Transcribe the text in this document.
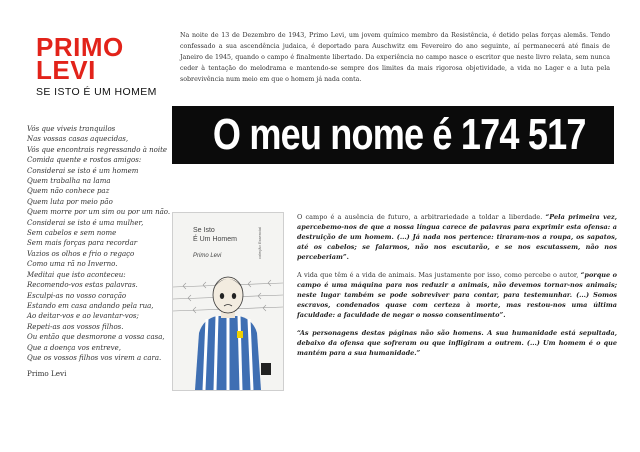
PRIMO
LEVI
SE ISTO É UM HOMEM
Na noite de 13 de Dezembro de 1943, Primo Levi, um jovem químico membro da Resistência, é detido pelas forças alemãs. Tendo confessado a sua ascendência judaica, é deportado para Auschwitz em Fevereiro do ano seguinte, aí permanecerá até finais de Janeiro de 1945, quando o campo é finalmente libertado. Da experiência no campo nasce o escritor que neste livro relata, sem nunca ceder à tentação do melodrama e mantendo-se sempre dos limites da mais rigorosa objetividade, a vida no Lager e a luta pela sobrevivência num meio em que o homem já nada conta.
O meu nome é 174 517
Vós que viveis tranquilos
Nas vossas casas aquecidas,
Vós que encontrais regressando à noite
Comida quente e rostos amigos:
Considerai se isto é um homem
Quem trabalha na lama
Quem não conhece paz
Quem luta por meio pão
Quem morre por um sim ou por um não.
Considerai se isto é uma mulher,
Sem cabelos e sem nome
Sem mais forças para recordar
Vazios os olhos e frio o regaço
Como uma rã no Inverno.
Meditai que isto aconteceu:
Recomendo-vos estas palavras.
Esculpi-as no vosso coração
Estando em casa andando pela rua,
Ao deitar-vos e ao levantar-vos;
Repeti-as aos vossos filhos.
Ou então que desmorone a vossa casa,
Que a doença vos entreve,
Que os vossos filhos vos virem a cara.
Primo Levi
Se Isto
É Um Homem
Primo Levi	coleção Essencial

O campo é a ausência de futuro, a arbitrariedade a toldar a liberdade. “Pela primeira vez, apercebemo-nos de que a nossa língua carece de palavras para exprimir esta ofensa: a destruição de um homem. (...) Já nada nos pertence: tiraram-nos a roupa, os sapatos, até os cabelos; se falarmos, não nos escutarão, e se nos escutassem, não nos perceberiam”.

A vida que têm é a vida de animais. Mas justamente por isso, como percebe o autor, “porque o campo é uma máquina para nos reduzir a animais, não devemos tornar-nos animais; neste lugar também se pode sobreviver para contar, para testemunhar. (...) Somos escravos, condenados quase com certeza à morte, mas restou-nos uma última faculdade: a faculdade de negar o nosso consentimento”.

“As personagens destas páginas não são homens. A sua humanidade está sepultada, debaixo da ofensa que sofreram ou que infligiram a outrem. (...) Um homem é o que mantém para a sua humanidade.”
